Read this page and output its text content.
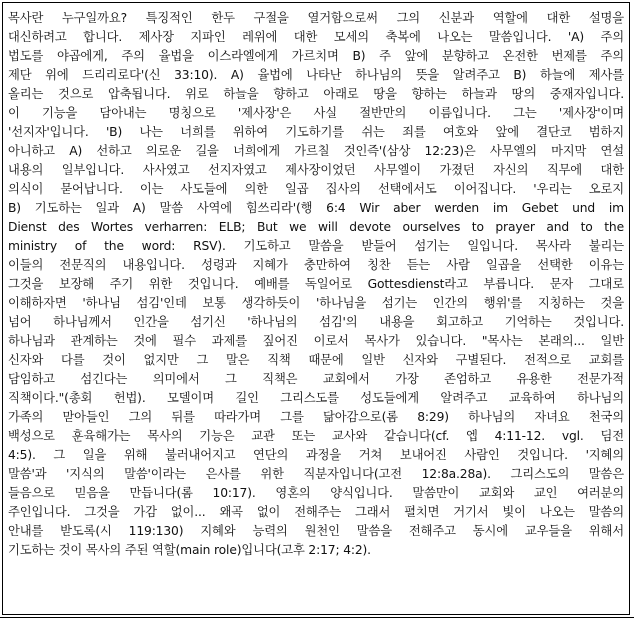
목사란 누구일까요? 특징적인 한두 구절을 열거함으로써 그의 신분과 역할에 대한 설명을
대신하려고 합니다. 제사장 지파인 레위에 대한 모세의 축복에 나오는 말씀입니다. 'A) 주의
법도를 야곱에게, 주의 율법을 이스라엘에게 가르치며 B) 주 앞에 분향하고 온전한 번제를 주의
제단 위에 드리리로다'(신 33:10). A) 율법에 나타난 하나님의 뜻을 알려주고 B) 하늘에 제사를
올리는 것으로 압축됩니다. 위로 하늘을 향하고 아래로 땅을 향하는 하늘과 땅의 중재자입니다.
이 기능을 담아내는 명칭으로 '제사장'은 사실 절반만의 이름입니다. 그는 '제사장'이며
'선지자'입니다. 'B) 나는 너희를 위하여 기도하기를 쉬는 죄를 여호와 앞에 결단코 범하지
아니하고 A) 선하고 의로운 길을 너희에게 가르칠 것인즉'(삼상 12:23)은 사무엘의 마지막 연설
내용의 일부입니다. 사사였고 선지자였고 제사장이었던 사무엘이 가졌던 자신의 직무에 대한
의식이 묻어납니다. 이는 사도들에 의한 일곱 집사의 선택에서도 이어집니다. '우리는 오로지
B) 기도하는 일과 A) 말씀 사역에 힘쓰리라'(행 6:4 Wir aber werden im Gebet und im
Dienst des Wortes verharren: ELB; But we will devote ourselves to prayer and to the
ministry of the word: RSV). 기도하고 말씀을 받들어 섬기는 일입니다. 목사라 불리는
이들의 전문직의 내용입니다. 성령과 지혜가 충만하여 칭찬 듣는 사람 일곱을 선택한 이유는
그것을 보장해 주기 위한 것입니다. 예배를 독일어로 Gottesdienst라고 부릅니다. 문자 그대로
이해하자면 '하나님 섬김'인데 보통 생각하듯이 '하나님을 섬기는 인간의 행위'를 지칭하는 것을
넘어 하나님께서 인간을 섬기신 '하나님의 섬김'의 내용을 회고하고 기억하는 것입니다.
하나님과 관계하는 것에 필수 과제를 짚어진 이로서 목사가 있습니다. "목사는 본래의... 일반
신자와 다를 것이 없지만 그 말은 직책 때문에 일반 신자와 구별된다. 전적으로 교회를
담임하고 섬긴다는 의미에서 그 직책은 교회에서 가장 존엄하고 유용한 전문가적
직책이다."(총회 헌법). 모델이며 길인 그리스도를 성도들에게 알려주고 교육하여 하나님의
가족의 맏아들인 그의 뒤를 따라가며 그를 닮아감으로(롬 8:29) 하나님의 자녀요 천국의
백성으로 훈육해가는 목사의 기능은 교관 또는 교사와 같습니다(cf. 엡 4:11-12. vgl. 딤전
4:5). 그 일을 위해 불러내어지고 연단의 과정을 거쳐 보내어진 사람인 것입니다. '지혜의
말씀'과 '지식의 말씀'이라는 은사를 위한 직분자입니다(고전 12:8a.28a). 그리스도의 말씀은
들음으로 믿음을 만듭니다(롬 10:17). 영혼의 양식입니다. 말씀만이 교회와 교인 여러분의
주인입니다. 그것을 가감 없이... 왜곡 없이 전해주는 그래서 펼치면 거기서 빛이 나오는 말씀의
안내를 받도록(시 119:130) 지혜와 능력의 원천인 말씀을 전해주고 동시에 교우들을 위해서
기도하는 것이 목사의 주된 역할(main role)입니다(고후 2:17; 4:2).
